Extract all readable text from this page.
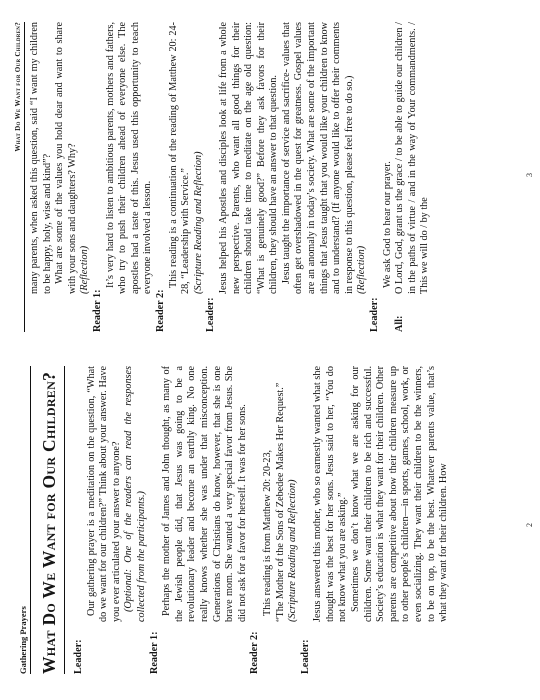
Gathering Prayers What Do We Want for Our Children?	Leader:

Our gathering prayer is a meditation on the question, “What do we want for our children?” Think about your answer. Have you ever articulated your answer to anyone? (Optional: One of the readers can read the responses collected from the participants.)

Reader 1:

Perhaps the mother of James and John thought, as many of the Jewish people did, that Jesus was going to be a revolutionary leader and become an earthly king. No one really knows whether she was under that misconception. Generations of Christians do know, however, that she is one brave mom. She wanted a very special favor from Jesus. She did not ask for a favor for herself. It was for her sons.

Reader 2:

This reading is from Matthew 20: 20-23, “The Mother of the Sons of Zebedee Makes Her Request.” (Scripture Reading and Reflection)

Leader:

Jesus answered this mother, who so earnestly wanted what she thought was the best for her sons. Jesus said to her, “You do not know what you are asking.” Sometimes we don’t know what we are asking for our children. Some want their children to be rich and successful. Society’s education is what they want for their children. Other parents are competitive about how their children measure up to other people’s children—in sports, games, school, work, or even socializing. They want their children to be the winners, to be on top, to be the best. Whatever parents value, that’s what they want for their children. How	2
What Do We Want for Our Children? many parents, when asked this question, said “I want my children to be happy, holy, wise and kind”? What are some of the values you hold dear and want to share with your sons and daughters? Why? (Reflection)

Reader 1:

It’s very hard to listen to ambitious parents, mothers and fathers, who try to push their children ahead of everyone else. The apostles had a taste of this. Jesus used this opportunity to teach everyone involved a lesson.

Reader 2:

This reading is a continuation of the reading of Matthew 20: 24-28, “Leadership with Service.” (Scripture Reading and Reflection)

Leader:

Jesus helped his Apostles and disciples look at life from a whole new perspective. Parents, who want all good things for their children should take time to meditate on the age old question: “What is genuinely good?” Before they ask favors for their children, they should have an answer to that question. Jesus taught the importance of service and sacrifice- values that often get overshadowed in the quest for greatness. Gospel values are an anomaly in today’s society. What are some of the important things that Jesus taught that you would like your children to know and to understand? (If anyone would like to offer their comments in response to this question, please feel free to do so.) (Reflection)

Leader:

We ask God to hear our prayer.

All:

O Lord, God, grant us the grace / to be able to guide our children / in the paths of virtue / and in the way of Your commandments. / This we will do / by the

3
